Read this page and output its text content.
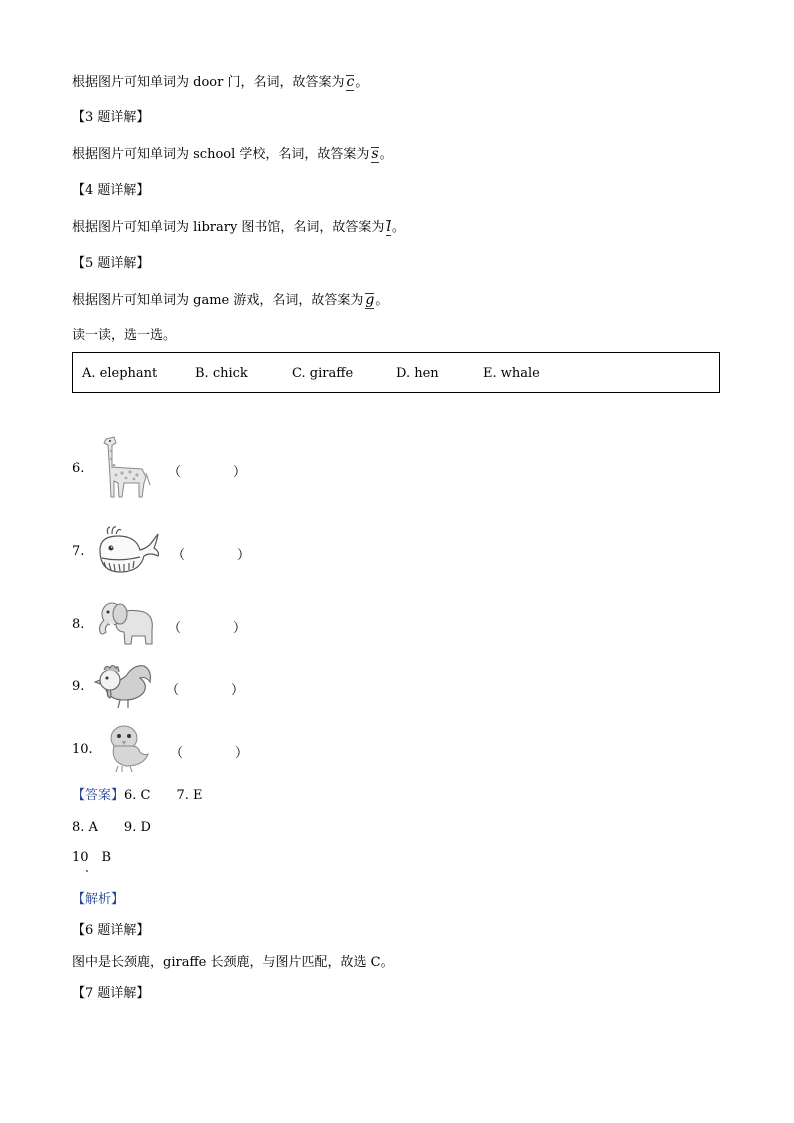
根据图片可知单词为 door 门，名词，故答案为 c。
【3 题详解】
根据图片可知单词为 school 学校，名词，故答案为 s。
【4 题详解】
根据图片可知单词为 library 图书馆，名词，故答案为 l。
【5 题详解】
根据图片可知单词为 game 游戏，名词，故答案为 g。
读一读，选一选。
A. elephant	B. chick	C. giraffe	D. hen	E. whale
6.	（　　　　）
7.	（　　　　）
8.	（　　　　）
9.	（　　　　）
10.	（　　　　）
【答案】6. C　　7. E
8. A　　9. D
10　B
【解析】
【6 题详解】
图中是长颈鹿，giraffe 长颈鹿，与图片匹配，故选 C。
【7 题详解】
